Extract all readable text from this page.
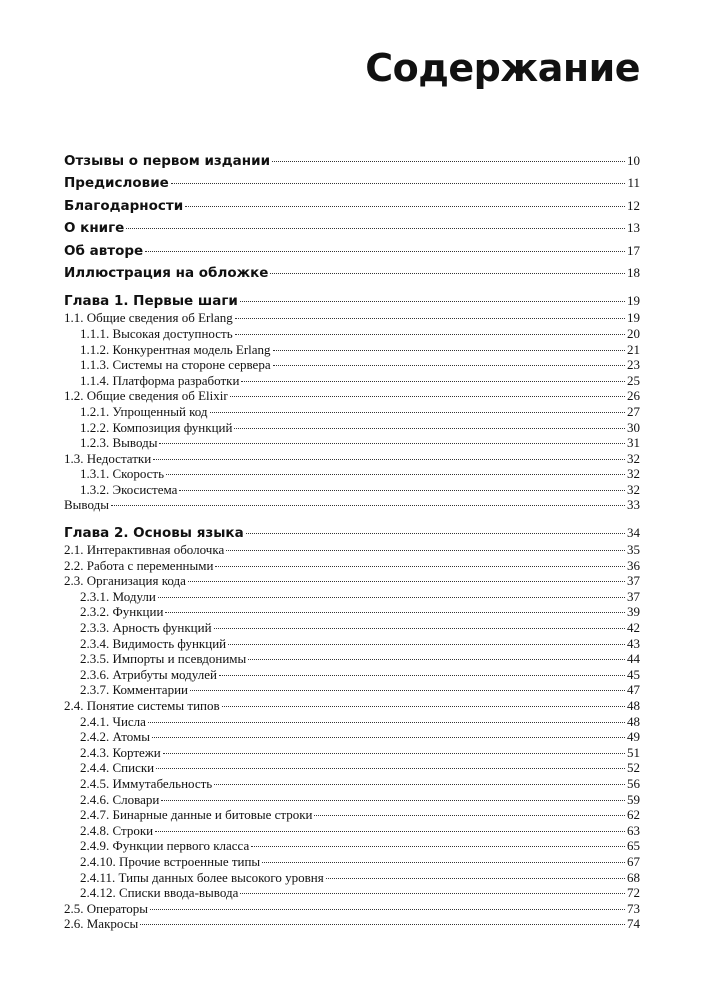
Содержание
Отзывы о первом издании	10
Предисловие	11
Благодарности	12
О книге	13
Об авторе	17
Иллюстрация на обложке	18
Глава 1. Первые шаги	19
1.1. Общие сведения об Erlang	19
1.1.1. Высокая доступность	20
1.1.2. Конкурентная модель Erlang	21
1.1.3. Системы на стороне сервера	23
1.1.4. Платформа разработки	25
1.2. Общие сведения об Elixir	26
1.2.1. Упрощенный код	27
1.2.2. Композиция функций	30
1.2.3. Выводы	31
1.3. Недостатки	32
1.3.1. Скорость	32
1.3.2. Экосистема	32
Выводы	33
Глава 2. Основы языка	34
2.1. Интерактивная оболочка	35
2.2. Работа с переменными	36
2.3. Организация кода	37
2.3.1. Модули	37
2.3.2. Функции	39
2.3.3. Арность функций	42
2.3.4. Видимость функций	43
2.3.5. Импорты и псевдонимы	44
2.3.6. Атрибуты модулей	45
2.3.7. Комментарии	47
2.4. Понятие системы типов	48
2.4.1. Числа	48
2.4.2. Атомы	49
2.4.3. Кортежи	51
2.4.4. Списки	52
2.4.5. Иммутабельность	56
2.4.6. Словари	59
2.4.7. Бинарные данные и битовые строки	62
2.4.8. Строки	63
2.4.9. Функции первого класса	65
2.4.10. Прочие встроенные типы	67
2.4.11. Типы данных более высокого уровня	68
2.4.12. Списки ввода-вывода	72
2.5. Операторы	73
2.6. Макросы	74
